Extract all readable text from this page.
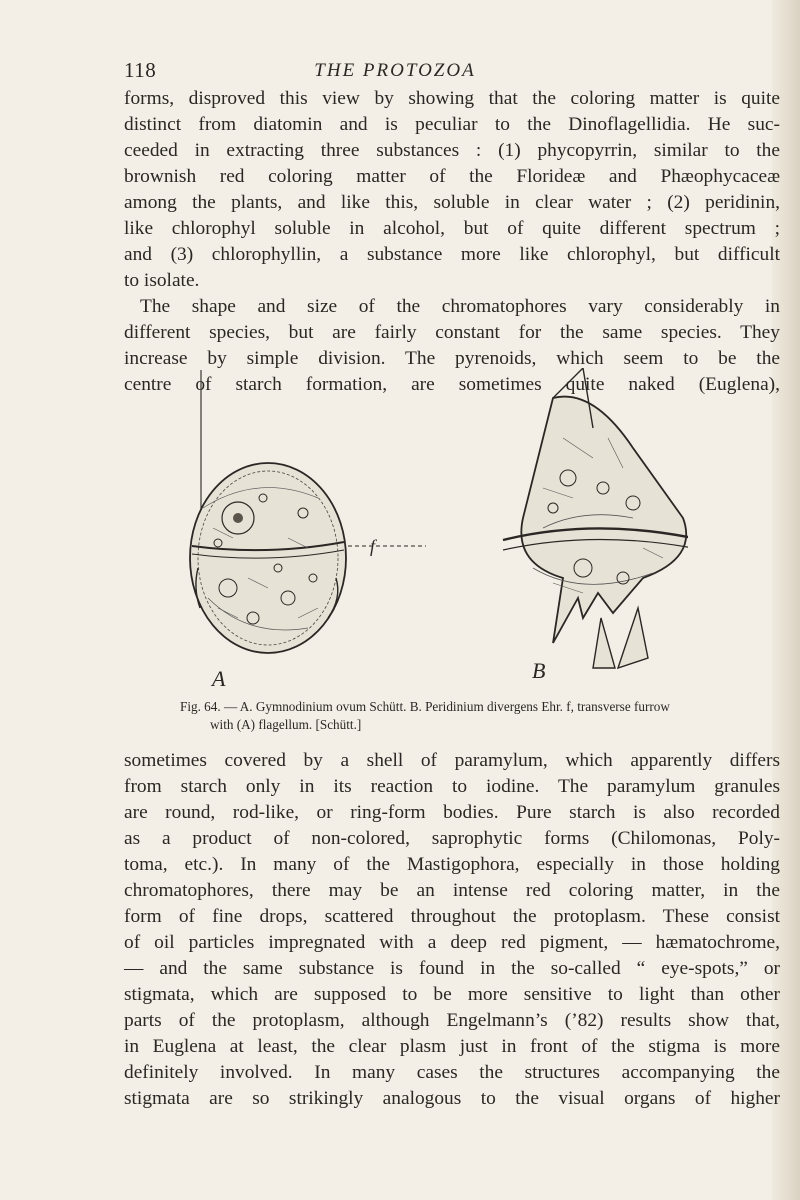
118	THE PROTOZOA
forms, disproved this view by showing that the coloring matter is quite
distinct from diatomin and is peculiar to the Dinoflagellidia. He suc-
ceeded in extracting three substances : (1) phycopyrrin, similar to the
brownish red coloring matter of the Florideæ and Phæophycaceæ
among the plants, and like this, soluble in clear water ; (2) peridinin,
like chlorophyl soluble in alcohol, but of quite different spectrum ;
and (3) chlorophyllin, a substance more like chlorophyl, but difficult
to isolate.
The shape and size of the chromatophores vary considerably in
different species, but are fairly constant for the same species. They
increase by simple division. The pyrenoids, which seem to be the
centre of starch formation, are sometimes quite naked (Euglena),
f
A	B
Fig. 64. — A. Gymnodinium ovum Schütt. B. Peridinium divergens Ehr. f, transverse furrow
with (A) flagellum. [Schütt.]
sometimes covered by a shell of paramylum, which apparently differs
from starch only in its reaction to iodine. The paramylum granules
are round, rod-like, or ring-form bodies. Pure starch is also recorded
as a product of non-colored, saprophytic forms (Chilomonas, Poly-
toma, etc.). In many of the Mastigophora, especially in those holding
chromatophores, there may be an intense red coloring matter, in the
form of fine drops, scattered throughout the protoplasm. These consist
of oil particles impregnated with a deep red pigment, — hæmatochrome,
— and the same substance is found in the so-called “ eye-spots,” or
stigmata, which are supposed to be more sensitive to light than other
parts of the protoplasm, although Engelmann’s (’82) results show that,
in Euglena at least, the clear plasm just in front of the stigma is more
definitely involved. In many cases the structures accompanying the
stigmata are so strikingly analogous to the visual organs of higher
